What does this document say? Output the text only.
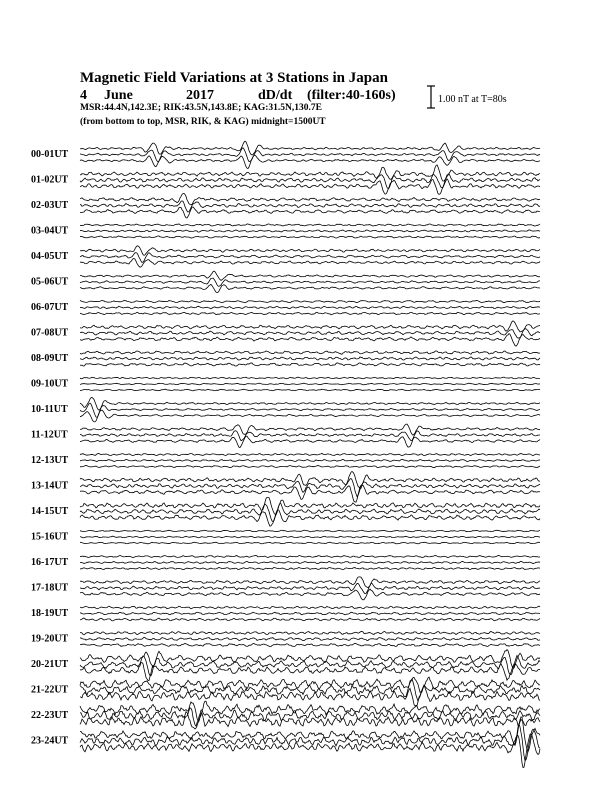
Magnetic Field Variations at 3 Stations in Japan
4 June	2017	dD/dt (filter:40-160s)
MSR:44.4N,142.3E; RIK:43.5N,143.8E; KAG:31.5N,130.7E
(from bottom to top, MSR, RIK, & KAG) midnight=1500UT
1.00 nT at T=80s
00-01UT
01-02UT
02-03UT
03-04UT
04-05UT
05-06UT
06-07UT
07-08UT
08-09UT
09-10UT
10-11UT
11-12UT
12-13UT
13-14UT
14-15UT
15-16UT
16-17UT
17-18UT
18-19UT
19-20UT
20-21UT
21-22UT
22-23UT
23-24UT
